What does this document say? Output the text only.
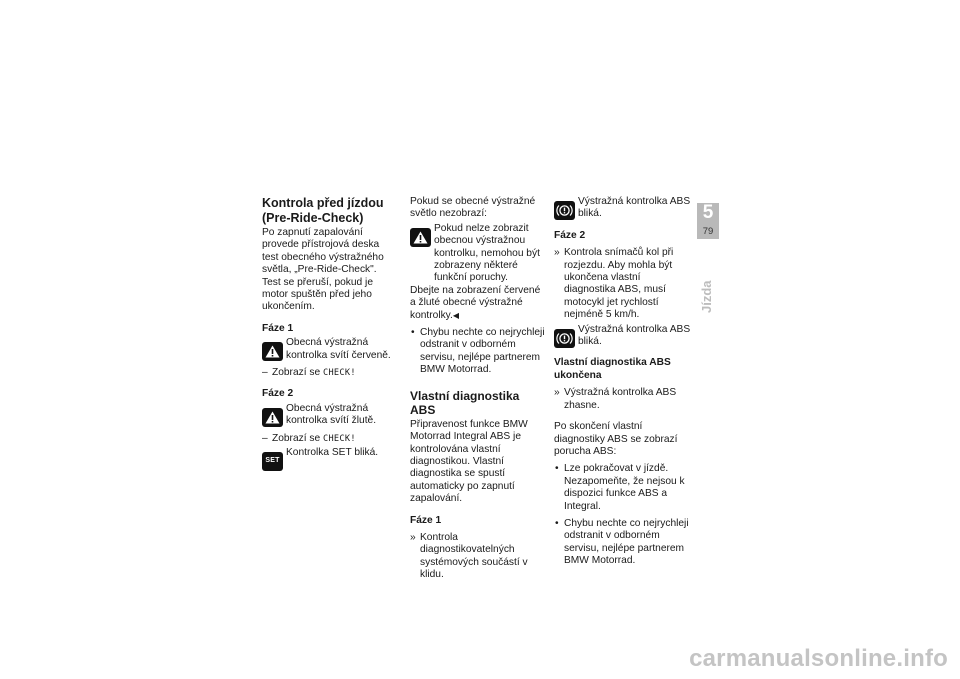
Kontrola před jízdou (Pre-Ride-Check)

Po zapnutí zapalování provede přístrojová deska test obecného výstražného světla, „Pre-Ride-Check". Test se přeruší, pokud je motor spuštěn před jeho ukončením.

Fáze 1
Obecná výstražná kontrolka svítí červeně.

– Zobrazí se CHECK!

Fáze 2
Obecná výstražná kontrolka svítí žlutě.

– Zobrazí se CHECK!

SET
Kontrolka SET bliká.

Pokud se obecné výstražné světlo nezobrazí:

Pokud nelze zobrazit obecnou výstražnou kontrolku, nemohou být zobrazeny některé funkční poruchy.

Dbejte na zobrazení červené a žluté obecné výstražné kontrolky.◀

• Chybu nechte co nejrychleji odstranit v odborném servisu, nejlépe partnerem BMW Motorrad.

Vlastní diagnostika ABS

Připravenost funkce BMW Motorrad Integral ABS je kontrolována vlastní diagnostikou. Vlastní diagnostika se spustí automaticky po zapnutí zapalování.

Fáze 1

» Kontrola diagnostikovatelných systémových součástí v klidu.

Výstražná kontrolka ABS bliká.
Fáze 2

» Kontrola snímačů kol při rozjezdu. Aby mohla být ukončena vlastní diagnostika ABS, musí motocykl jet rychlostí nejméně 5 km/h.

Výstražná kontrolka ABS bliká.
Vlastní diagnostika ABS ukončena

» Výstražná kontrolka ABS zhasne.

Po skončení vlastní diagnostiky ABS se zobrazí porucha ABS:

• Lze pokračovat v jízdě. Nezapomeňte, že nejsou k dispozici funkce ABS a Integral.

• Chybu nechte co nejrychleji odstranit v odborném servisu, nejlépe partnerem BMW Motorrad.

5
79
Jízda
carmanualsonline.info
